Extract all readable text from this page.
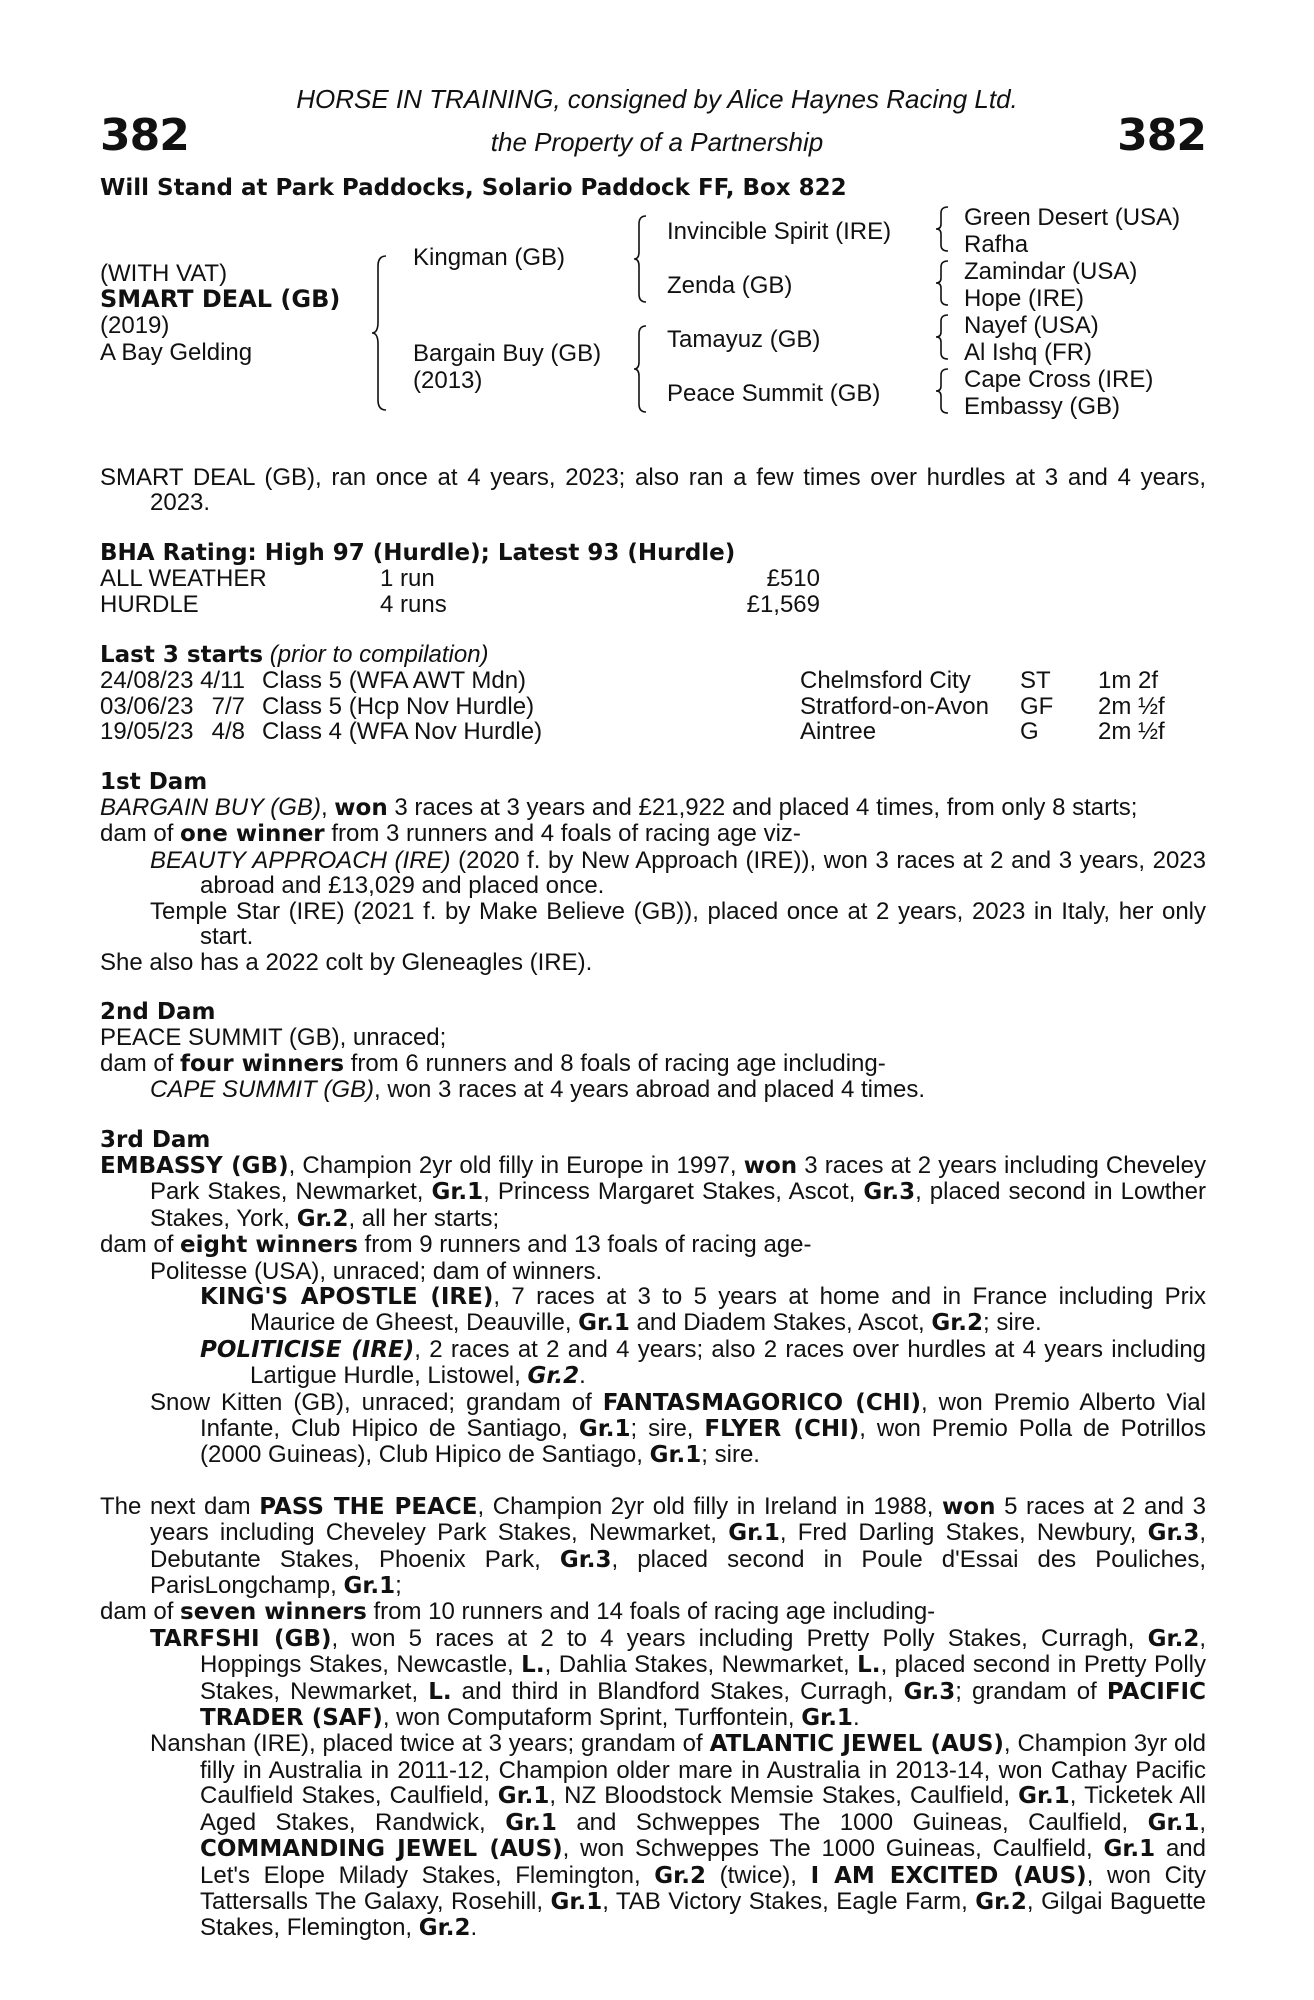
382	382
HORSE IN TRAINING, consigned by Alice Haynes Racing Ltd.
the Property of a Partnership
Will Stand at Park Paddocks, Solario Paddock FF, Box 822
(WITH VAT)
SMART DEAL (GB)
(2019)
A Bay Gelding
Kingman (GB)
Bargain Buy (GB)
(2013)
Invincible Spirit (IRE)
Zenda (GB)
Tamayuz (GB)
Peace Summit (GB)
Green Desert (USA)
Rafha
Zamindar (USA)
Hope (IRE)
Nayef (USA)
Al Ishq (FR)
Cape Cross (IRE)
Embassy (GB)

SMART DEAL (GB), ran once at 4 years, 2023; also ran a few times over hurdles at 3 and 4 years, 2023.

BHA Rating: High 97 (Hurdle); Latest 93 (Hurdle)
ALL WEATHER	1 run	£510
HURDLE	4 runs	£1,569
Last 3 starts (prior to compilation)
24/08/23	4/11	Class 5 (WFA AWT Mdn)	Chelmsford City	ST	1m 2f
03/06/23	7/7	Class 5 (Hcp Nov Hurdle)	Stratford-on-Avon	GF	2m ½f
19/05/23	4/8	Class 4 (WFA Nov Hurdle)	Aintree	G	2m ½f
1st Dam

BARGAIN BUY (GB), won 3 races at 3 years and £21,922 and placed 4 times, from only 8 starts;

dam of one winner from 3 runners and 4 foals of racing age viz-

BEAUTY APPROACH (IRE) (2020 f. by New Approach (IRE)), won 3 races at 2 and 3 years, 2023 abroad and £13,029 and placed once.

Temple Star (IRE) (2021 f. by Make Believe (GB)), placed once at 2 years, 2023 in Italy, her only start.

She also has a 2022 colt by Gleneagles (IRE).

2nd Dam

PEACE SUMMIT (GB), unraced;

dam of four winners from 6 runners and 8 foals of racing age including-

CAPE SUMMIT (GB), won 3 races at 4 years abroad and placed 4 times.

3rd Dam

EMBASSY (GB), Champion 2yr old filly in Europe in 1997, won 3 races at 2 years including Cheveley Park Stakes, Newmarket, Gr.1, Princess Margaret Stakes, Ascot, Gr.3, placed second in Lowther Stakes, York, Gr.2, all her starts;

dam of eight winners from 9 runners and 13 foals of racing age-

Politesse (USA), unraced; dam of winners.

KING'S APOSTLE (IRE), 7 races at 3 to 5 years at home and in France including Prix Maurice de Gheest, Deauville, Gr.1 and Diadem Stakes, Ascot, Gr.2; sire.

POLITICISE (IRE), 2 races at 2 and 4 years; also 2 races over hurdles at 4 years including Lartigue Hurdle, Listowel, Gr.2.

Snow Kitten (GB), unraced; grandam of FANTASMAGORICO (CHI), won Premio Alberto Vial Infante, Club Hipico de Santiago, Gr.1; sire, FLYER (CHI), won Premio Polla de Potrillos (2000 Guineas), Club Hipico de Santiago, Gr.1; sire.

The next dam PASS THE PEACE, Champion 2yr old filly in Ireland in 1988, won 5 races at 2 and 3 years including Cheveley Park Stakes, Newmarket, Gr.1, Fred Darling Stakes, Newbury, Gr.3, Debutante Stakes, Phoenix Park, Gr.3, placed second in Poule d'Essai des Pouliches, ParisLongchamp, Gr.1;

dam of seven winners from 10 runners and 14 foals of racing age including-

TARFSHI (GB), won 5 races at 2 to 4 years including Pretty Polly Stakes, Curragh, Gr.2, Hoppings Stakes, Newcastle, L., Dahlia Stakes, Newmarket, L., placed second in Pretty Polly Stakes, Newmarket, L. and third in Blandford Stakes, Curragh, Gr.3; grandam of PACIFIC TRADER (SAF), won Computaform Sprint, Turffontein, Gr.1.

Nanshan (IRE), placed twice at 3 years; grandam of ATLANTIC JEWEL (AUS), Champion 3yr old filly in Australia in 2011-12, Champion older mare in Australia in 2013-14, won Cathay Pacific Caulfield Stakes, Caulfield, Gr.1, NZ Bloodstock Memsie Stakes, Caulfield, Gr.1, Ticketek All Aged Stakes, Randwick, Gr.1 and Schweppes The 1000 Guineas, Caulfield, Gr.1, COMMANDING JEWEL (AUS), won Schweppes The 1000 Guineas, Caulfield, Gr.1 and Let's Elope Milady Stakes, Flemington, Gr.2 (twice), I AM EXCITED (AUS), won City Tattersalls The Galaxy, Rosehill, Gr.1, TAB Victory Stakes, Eagle Farm, Gr.2, Gilgai Baguette Stakes, Flemington, Gr.2.
